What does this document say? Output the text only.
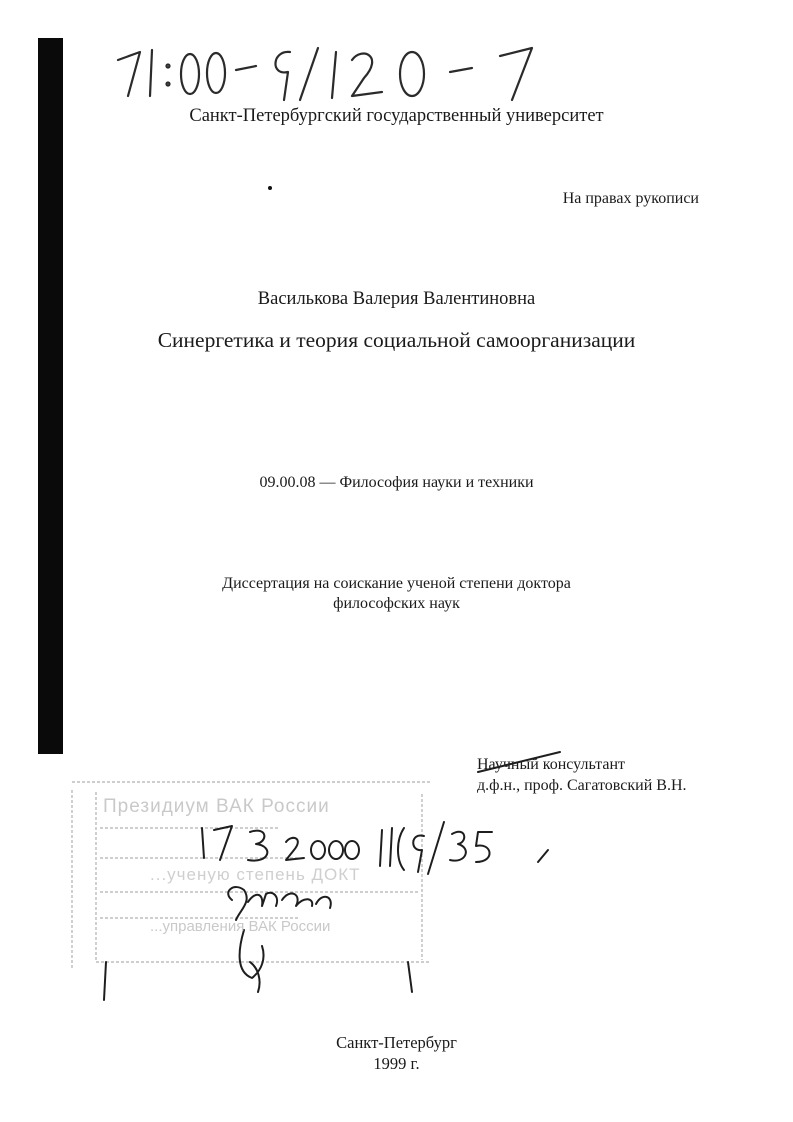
Санкт-Петербургский государственный университет
На правах рукописи
Василькова Валерия Валентиновна
Синергетика и теория социальной самоорганизации
09.00.08 — Философия науки и техники
Диссертация на соискание ученой степени доктора
философских наук
Научный консультант
д.ф.н., проф. Сагатовский В.Н.
Президиум ВАК России
...ученую степень ДОКТ
...управления ВАК России
Санкт-Петербург
1999 г.
